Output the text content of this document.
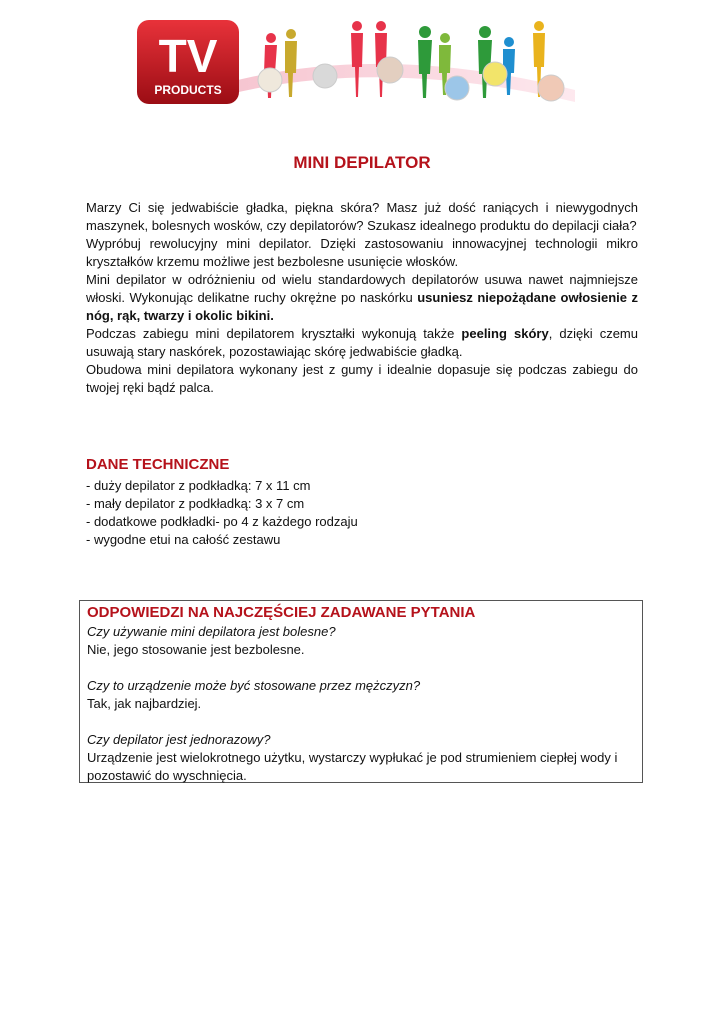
TV
PRODUCTS
MINI DEPILATOR

Marzy Ci się jedwabiście gładka, piękna skóra? Masz już dość raniących i niewygodnych maszynek, bolesnych wosków, czy depilatorów? Szukasz idealnego produktu do depilacji ciała?

Wypróbuj rewolucyjny mini depilator. Dzięki zastosowaniu innowacyjnej technologii mikro kryształków krzemu możliwe jest bezbolesne usunięcie włosków.

Mini depilator w odróżnieniu od wielu standardowych depilatorów usuwa nawet najmniejsze włoski. Wykonując delikatne ruchy okrężne po naskórku usuniesz niepożądane owłosienie z nóg, rąk, twarzy i okolic bikini.

Podczas zabiegu mini depilatorem kryształki wykonują także peeling skóry, dzięki czemu usuwają stary naskórek, pozostawiając skórę jedwabiście gładką.

Obudowa mini depilatora wykonany jest z gumy i idealnie dopasuje się podczas zabiegu do twojej ręki bądź palca.

DANE TECHNICZNE
- duży depilator z podkładką: 7 x 11 cm
- mały depilator z podkładką: 3 x 7 cm
- dodatkowe podkładki- po 4 z każdego rodzaju
- wygodne etui na całość zestawu
ODPOWIEDZI NA NAJCZĘŚCIEJ ZADAWANE PYTANIA
Czy używanie mini depilatora jest bolesne?
Nie, jego stosowanie jest bezbolesne.
Czy to urządzenie może być stosowane przez mężczyzn?
Tak, jak najbardziej.
Czy depilator jest jednorazowy?
Urządzenie jest wielokrotnego użytku, wystarczy wypłukać je pod strumieniem ciepłej wody i pozostawić do wyschnięcia.
